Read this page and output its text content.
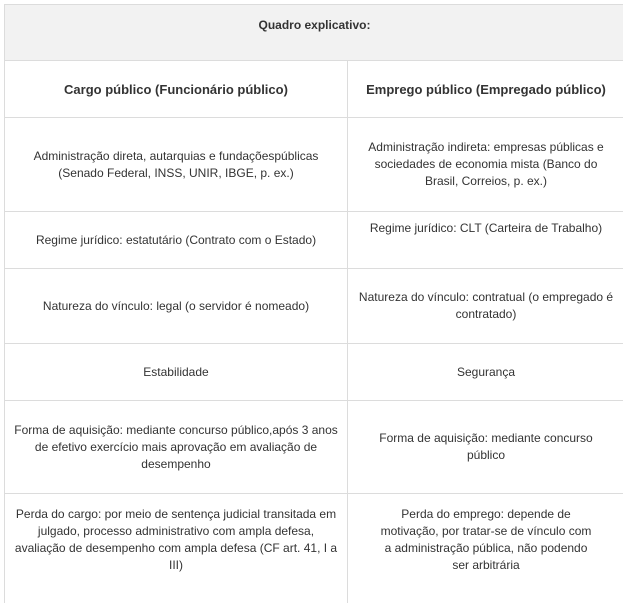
Quadro explicativo:	
Cargo público (Funcionário público)	Emprego público (Empregado público)

Administração direta, autarquias e fundaçõespúblicas (Senado Federal, INSS, UNIR, IBGE, p. ex.)	Administração indireta: empresas públicas e sociedades de economia mista (Banco do Brasil, Correios, p. ex.)

Regime jurídico: estatutário (Contrato com o Estado)	Regime jurídico: CLT (Carteira de Trabalho)

Natureza do vínculo: legal (o servidor é nomeado)	Natureza do vínculo: contratual (o empregado é contratado)

Estabilidade	Segurança

Forma de aquisição: mediante concurso público,após 3 anos de efetivo exercício mais aprovação em avaliação de desempenho	Forma de aquisição: mediante concurso público

Perda do cargo: por meio de sentença judicial transitada em julgado, processo administrativo com ampla defesa, avaliação de desempenho com ampla defesa (CF art. 41, I a III)	Perda do emprego: depende de motivação, por tratar-se de vínculo com a administração pública, não podendo ser arbitrária
